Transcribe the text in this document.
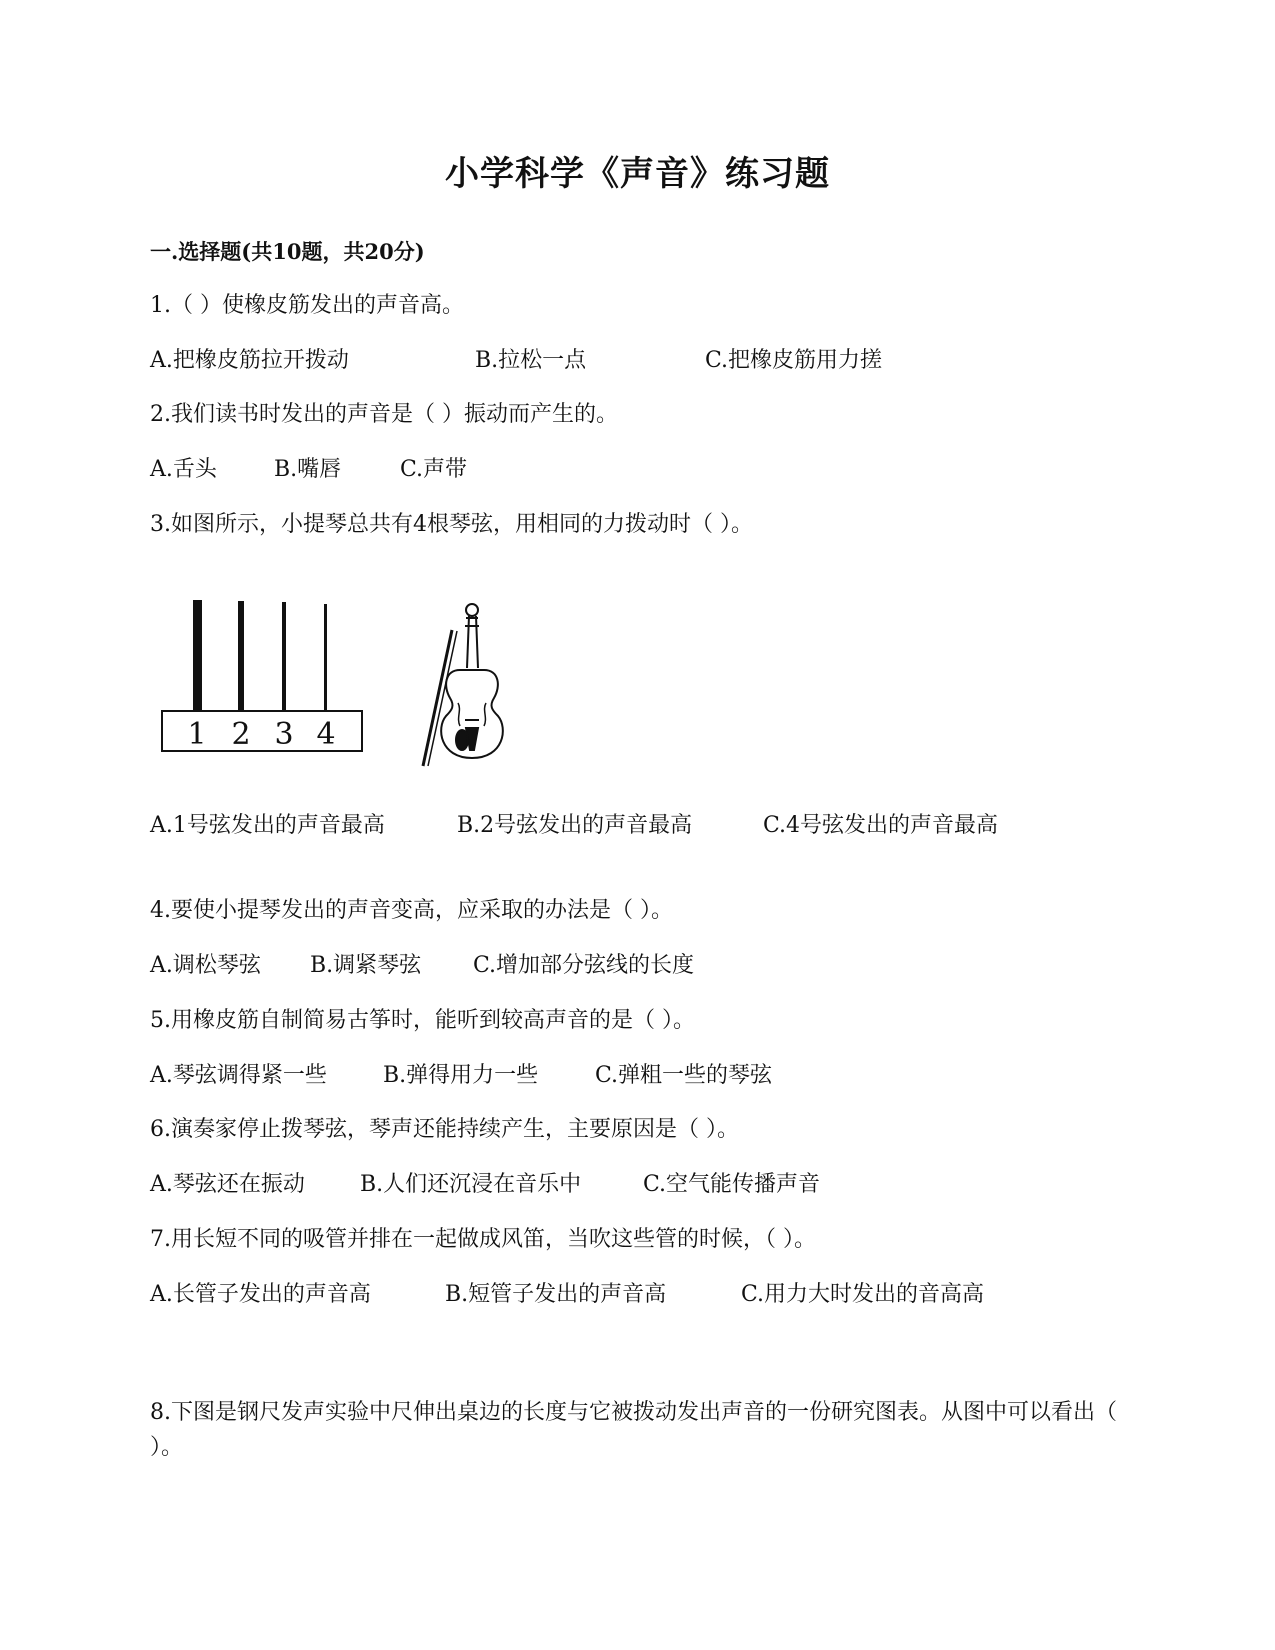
小学科学《声音》练习题
一.选择题(共10题，共20分)
1.（ ）使橡皮筋发出的声音高。
A.把橡皮筋拉开拨动	B.拉松一点	C.把橡皮筋用力搓
2.我们读书时发出的声音是（ ）振动而产生的。
A.舌头	B.嘴唇	C.声带
3.如图所示，小提琴总共有4根琴弦，用相同的力拨动时（ ）。
1 2 3 4
A.1号弦发出的声音最高	B.2号弦发出的声音最高	C.4号弦发出的声音最高
4.要使小提琴发出的声音变高，应采取的办法是（ ）。
A.调松琴弦 B.调紧琴弦 C.增加部分弦线的长度
5.用橡皮筋自制简易古筝时，能听到较高声音的是（ ）。
A.琴弦调得紧一些	B.弹得用力一些	C.弹粗一些的琴弦
6.演奏家停止拨琴弦，琴声还能持续产生，主要原因是（ ）。
A.琴弦还在振动	B.人们还沉浸在音乐中	C.空气能传播声音
7.用长短不同的吸管并排在一起做成风笛，当吹这些管的时候，（ ）。
A.长管子发出的声音高	B.短管子发出的声音高	C.用力大时发出的音高高
8.下图是钢尺发声实验中尺伸出桌边的长度与它被拨动发出声音的一份研究图表。从图中可以看出（ ）。
